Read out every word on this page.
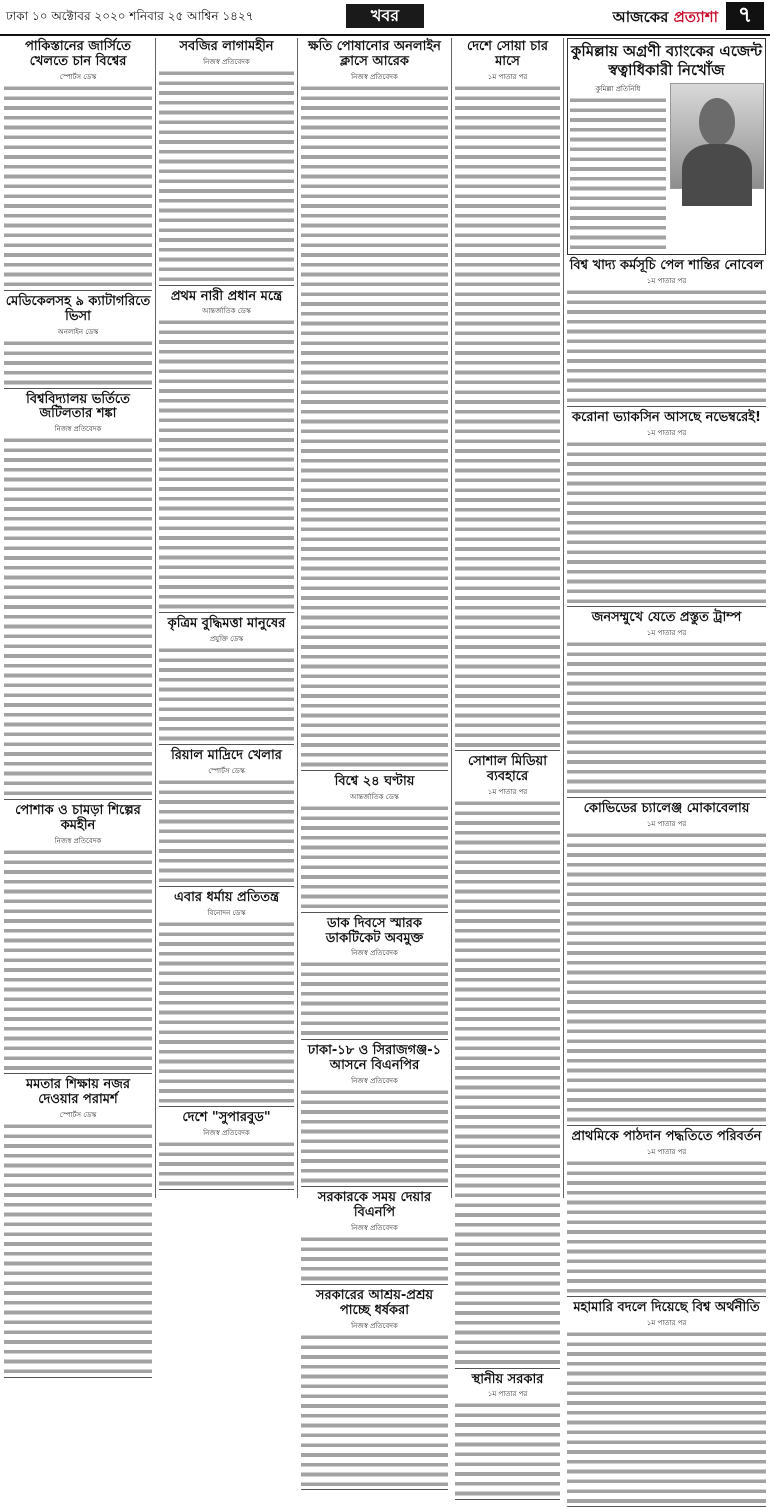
ঢাকা ১০ অক্টোবর ২০২০ শনিবার ২৫ আশ্বিন ১৪২৭	খবর	আজকের প্রত্যাশা ৭
পাকিস্তানের জার্সিতে খেলতে চান বিশ্বের
স্পোর্টস ডেস্ক
মেডিকেলসহ ৯ ক্যাটাগরিতে ভিসা
অনলাইন ডেস্ক
বিশ্ববিদ্যালয় ভর্তিতে জটিলতার শঙ্কা
নিজস্ব প্রতিবেদক
পোশাক ও চামড়া শিল্পের কমহীন
নিজস্ব প্রতিবেদক
মমতার শিক্ষায় নজর দেওয়ার পরামর্শ
স্পোর্টস ডেস্ক
সবজির লাগামহীন
নিজস্ব প্রতিবেদক
প্রথম নারী প্রধান মন্ত্রে
আন্তর্জাতিক ডেস্ক
কৃত্রিম বুদ্ধিমত্তা মানুষের
প্রযুক্তি ডেস্ক
রিয়াল মাদ্রিদে খেলার
স্পোর্টস ডেস্ক
এবার ধর্মায় প্রতিতন্ত্র
বিনোদন ডেস্ক
দেশে "সুপারবুড"
নিজস্ব প্রতিবেদক
ক্ষতি পোষানোর অনলাইন ক্লাসে আরেক
নিজস্ব প্রতিবেদক
বিশ্বে ২৪ ঘণ্টায়
আন্তর্জাতিক ডেস্ক
ডাক দিবসে স্মারক ডাকটিকেট অবমুক্ত
নিজস্ব প্রতিবেদক
ঢাকা-১৮ ও সিরাজগঞ্জ-১ আসনে বিএনপির
নিজস্ব প্রতিবেদক
সরকারকে সময় দেয়ার বিএনপি
নিজস্ব প্রতিবেদক
সরকারের আশ্রয়-প্রশ্রয় পাচ্ছে ধর্ষকরা
নিজস্ব প্রতিবেদক
দেশে সোয়া চার মাসে
১ম পাতার পর
সোশাল মিডিয়া ব্যবহারে
১ম পাতার পর
স্থানীয় সরকার
১ম পাতার পর
কুমিল্লায় অগ্রণী ব্যাংকের এজেন্ট
স্বত্বাধিকারী নিখোঁজ
কুমিল্লা প্রতিনিধি
বিশ্ব খাদ্য কর্মসূচি পেল শান্তির নোবেল
১ম পাতার পর
করোনা ভ্যাকসিন আসছে নভেম্বরেই!
১ম পাতার পর
জনসম্মুখে যেতে প্রস্তুত ট্রাম্প
১ম পাতার পর
কোভিডের চ্যালেঞ্জ মোকাবেলায়
১ম পাতার পর
প্রাথমিকে পাঠদান পদ্ধতিতে পরিবর্তন
১ম পাতার পর
মহামারি বদলে দিয়েছে বিশ্ব অর্থনীতি
১ম পাতার পর
